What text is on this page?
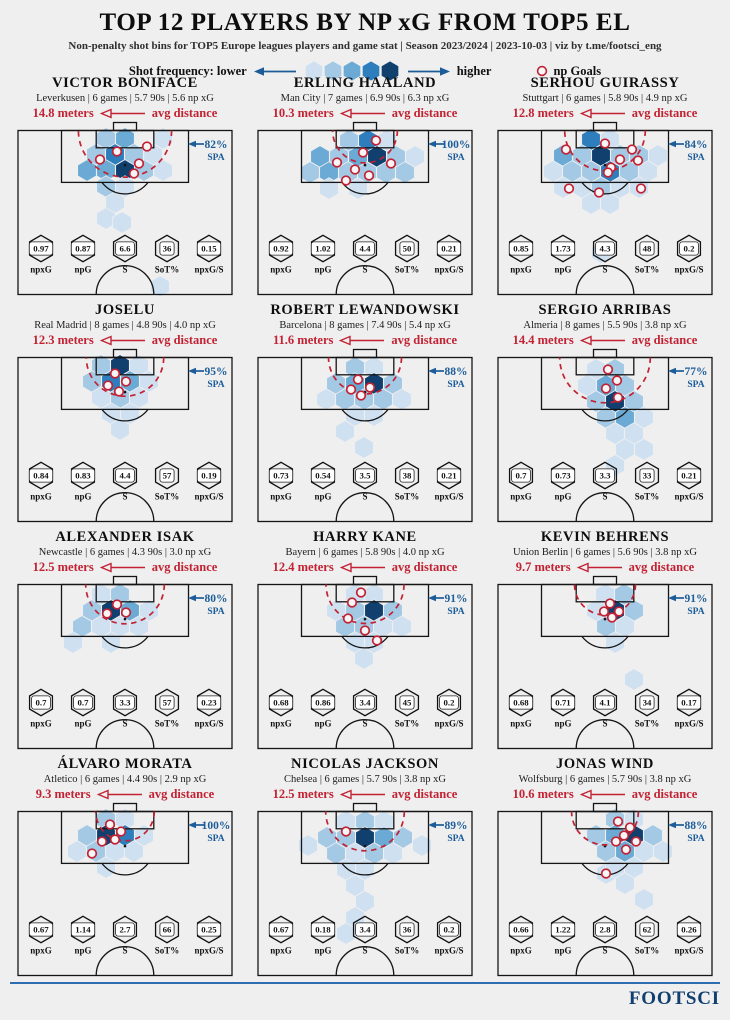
TOP 12 PLAYERS BY NP xG FROM TOP5 EL
Non-penalty shot bins for TOP5 Europe leagues players and game stat | Season 2023/2024 | 2023-10-03 | viz by t.me/footsci_eng
Shot frequency: lower	higher	np Goals
VICTOR BONIFACE
Leverkusen | 6 games | 5.7 90s | 5.6 np xG
14.8 meters	avg distance
82%
SPA
0.97
npxG
0.87
npG
6.6
S
36
SoT%
0.15
npxG/S
ERLING HAALAND
Man City | 7 games | 6.9 90s | 6.3 np xG
10.3 meters	avg distance
100%
SPA
0.92
npxG
1.02
npG
4.4
S
50
SoT%
0.21
npxG/S
SERHOU GUIRASSY
Stuttgart | 6 games | 5.8 90s | 4.9 np xG
12.8 meters	avg distance
84%
SPA
0.85
npxG
1.73
npG
4.3
S
48
SoT%
0.2
npxG/S
JOSELU
Real Madrid | 8 games | 4.8 90s | 4.0 np xG
12.3 meters	avg distance
95%
SPA
0.84
npxG
0.83
npG
4.4
S
57
SoT%
0.19
npxG/S
ROBERT LEWANDOWSKI
Barcelona | 8 games | 7.4 90s | 5.4 np xG
11.6 meters	avg distance
88%
SPA
0.73
npxG
0.54
npG
3.5
S
38
SoT%
0.21
npxG/S
SERGIO ARRIBAS
Almeria | 8 games | 5.5 90s | 3.8 np xG
14.4 meters	avg distance
77%
SPA
0.7
npxG
0.73
npG
3.3
S
33
SoT%
0.21
npxG/S
ALEXANDER ISAK
Newcastle | 6 games | 4.3 90s | 3.0 np xG
12.5 meters	avg distance
80%
SPA
0.7
npxG
0.7
npG
3.3
S
57
SoT%
0.23
npxG/S
HARRY KANE
Bayern | 6 games | 5.8 90s | 4.0 np xG
12.4 meters	avg distance
91%
SPA
0.68
npxG
0.86
npG
3.4
S
45
SoT%
0.2
npxG/S
KEVIN BEHRENS
Union Berlin | 6 games | 5.6 90s | 3.8 np xG
9.7 meters	avg distance
91%
SPA
0.68
npxG
0.71
npG
4.1
S
34
SoT%
0.17
npxG/S
ÁLVARO MORATA
Atletico | 6 games | 4.4 90s | 2.9 np xG
9.3 meters	avg distance
100%
SPA
0.67
npxG
1.14
npG
2.7
S
66
SoT%
0.25
npxG/S
NICOLAS JACKSON
Chelsea | 6 games | 5.7 90s | 3.8 np xG
12.5 meters	avg distance
89%
SPA
0.67
npxG
0.18
npG
3.4
S
36
SoT%
0.2
npxG/S
JONAS WIND
Wolfsburg | 6 games | 5.7 90s | 3.8 np xG
10.6 meters	avg distance
88%
SPA
0.66
npxG
1.22
npG
2.8
S
62
SoT%
0.26
npxG/S
FOOTSCI
